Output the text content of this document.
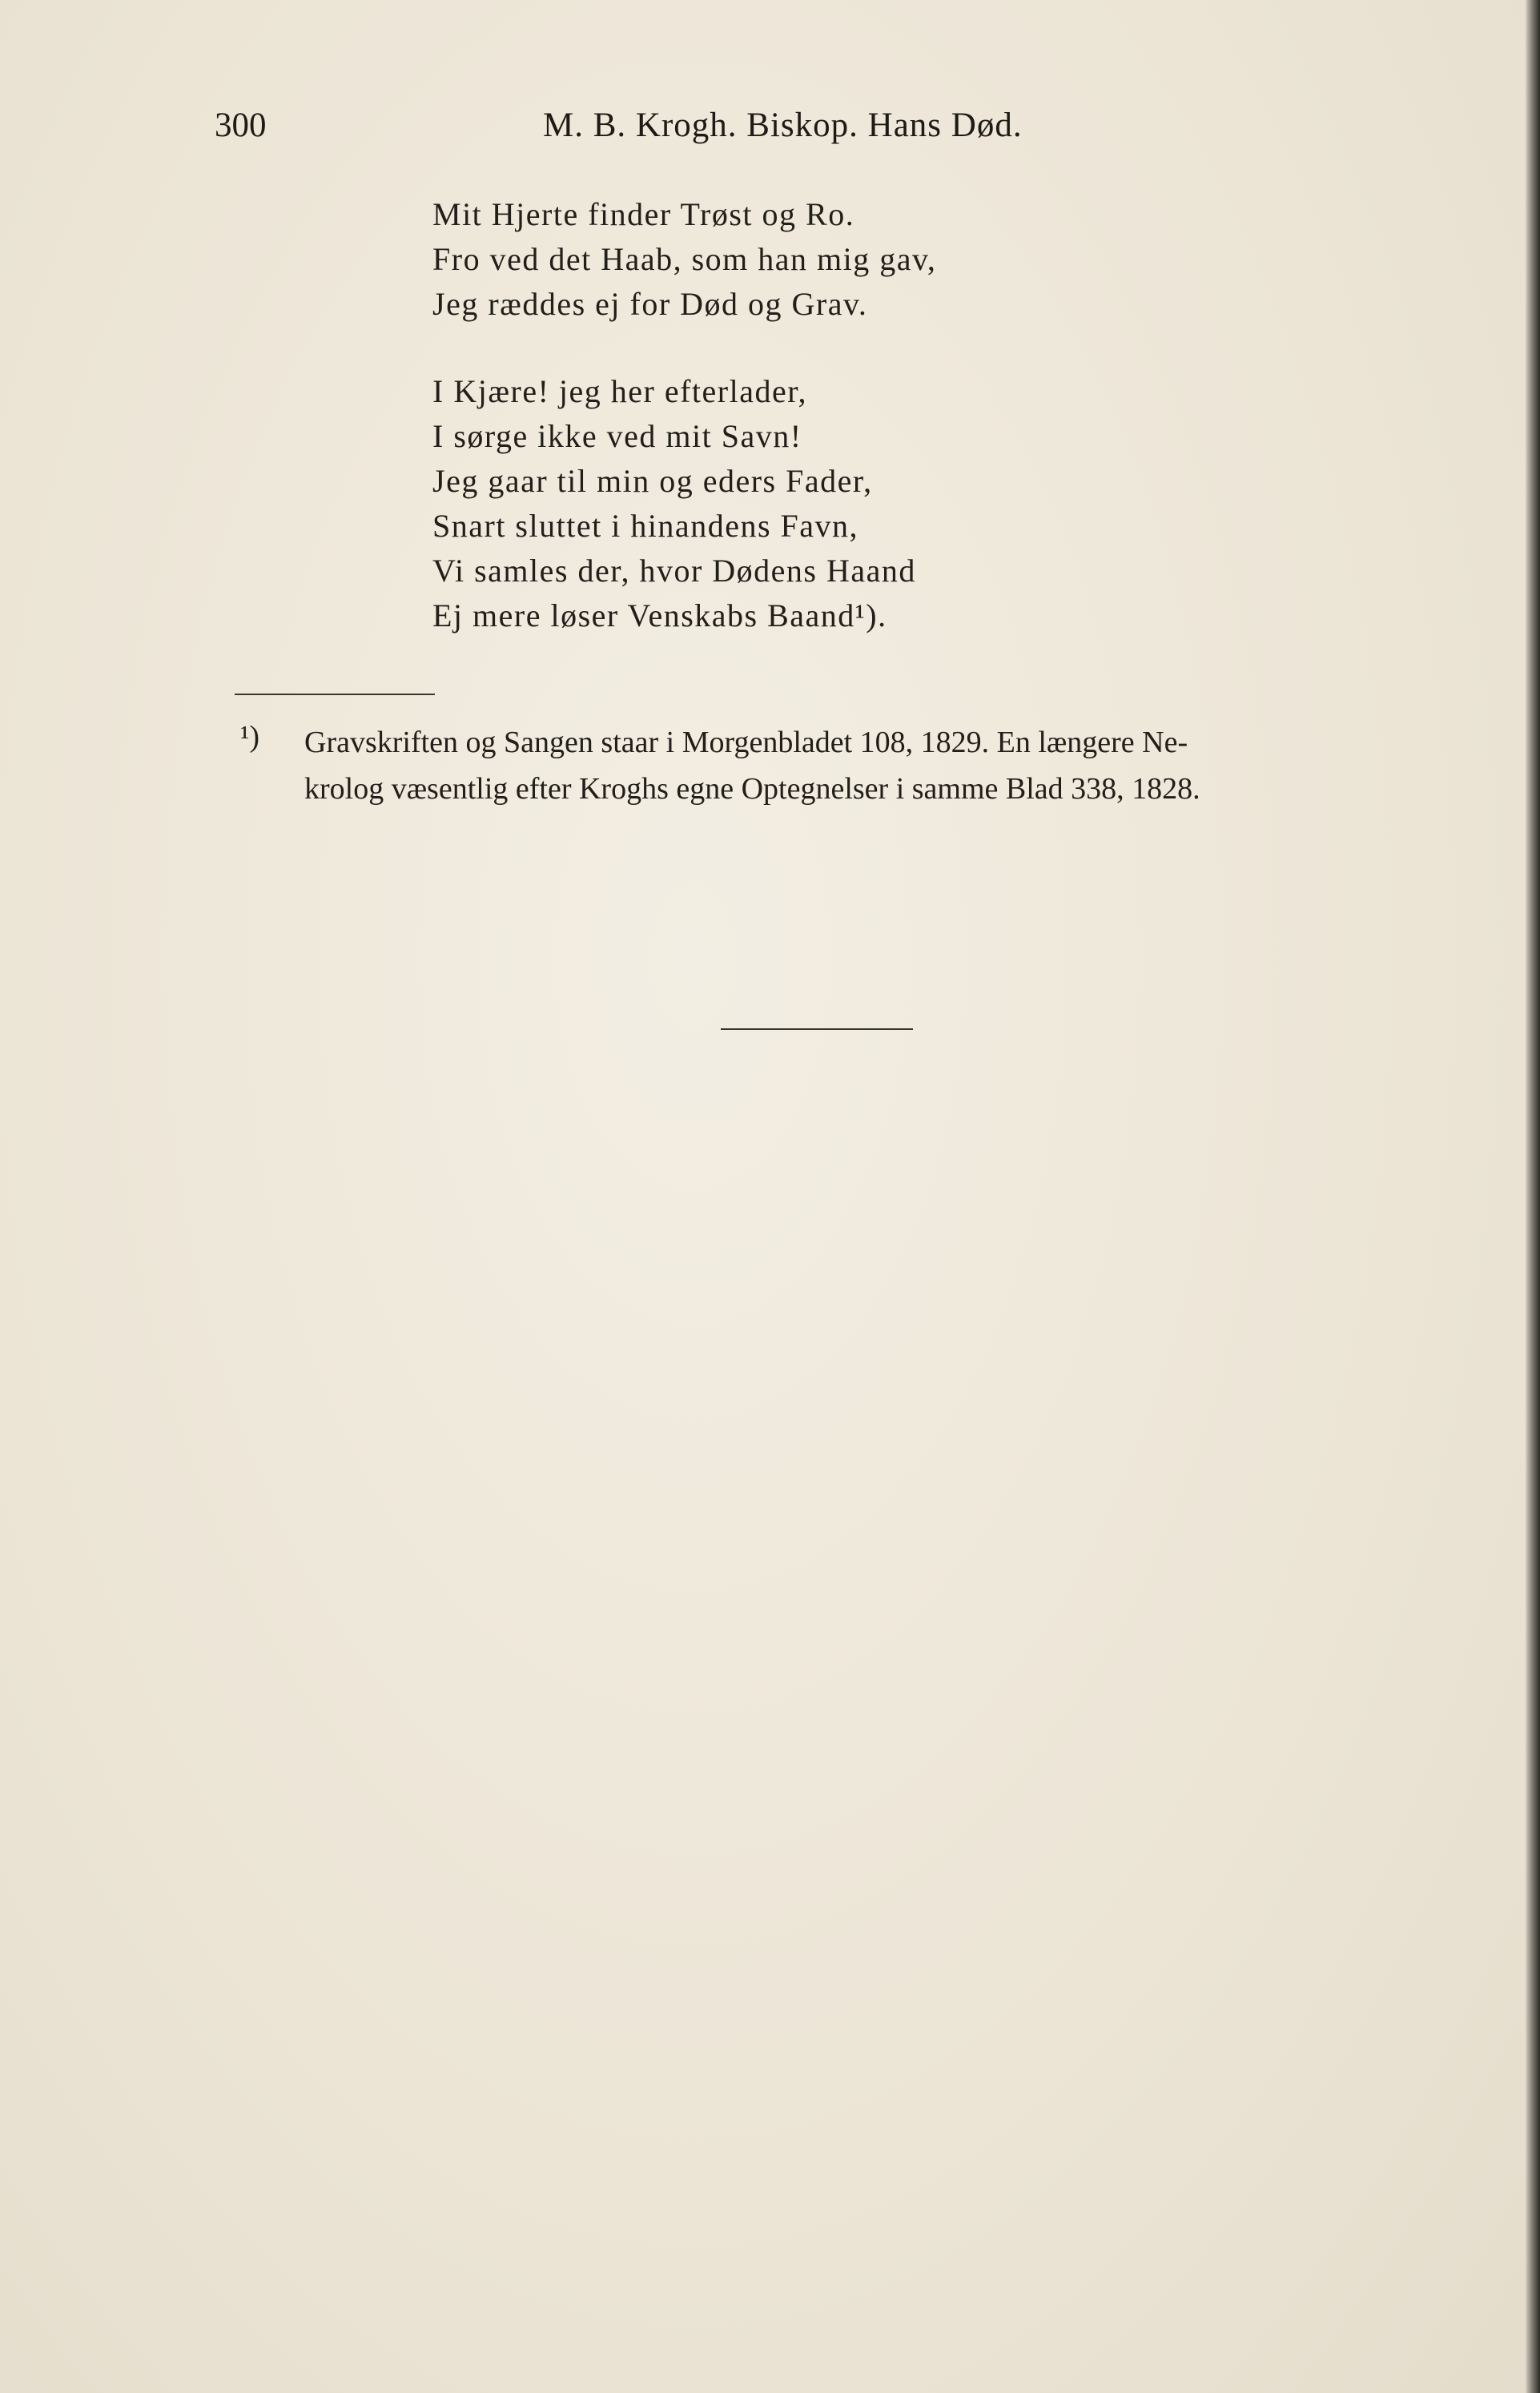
300	M. B. Krogh. Biskop. Hans Død.
Mit Hjerte finder Trøst og Ro.
Fro ved det Haab, som han mig gav,
Jeg ræddes ej for Død og Grav.
I Kjære! jeg her efterlader,
I sørge ikke ved mit Savn!
Jeg gaar til min og eders Fader,
Snart sluttet i hinandens Favn,
Vi samles der, hvor Dødens Haand
Ej mere løser Venskabs Baand¹).
¹)	Gravskriften og Sangen staar i Morgenbladet 108, 1829. En længere Ne-
krolog væsentlig efter Kroghs egne Optegnelser i samme Blad 338, 1828.
